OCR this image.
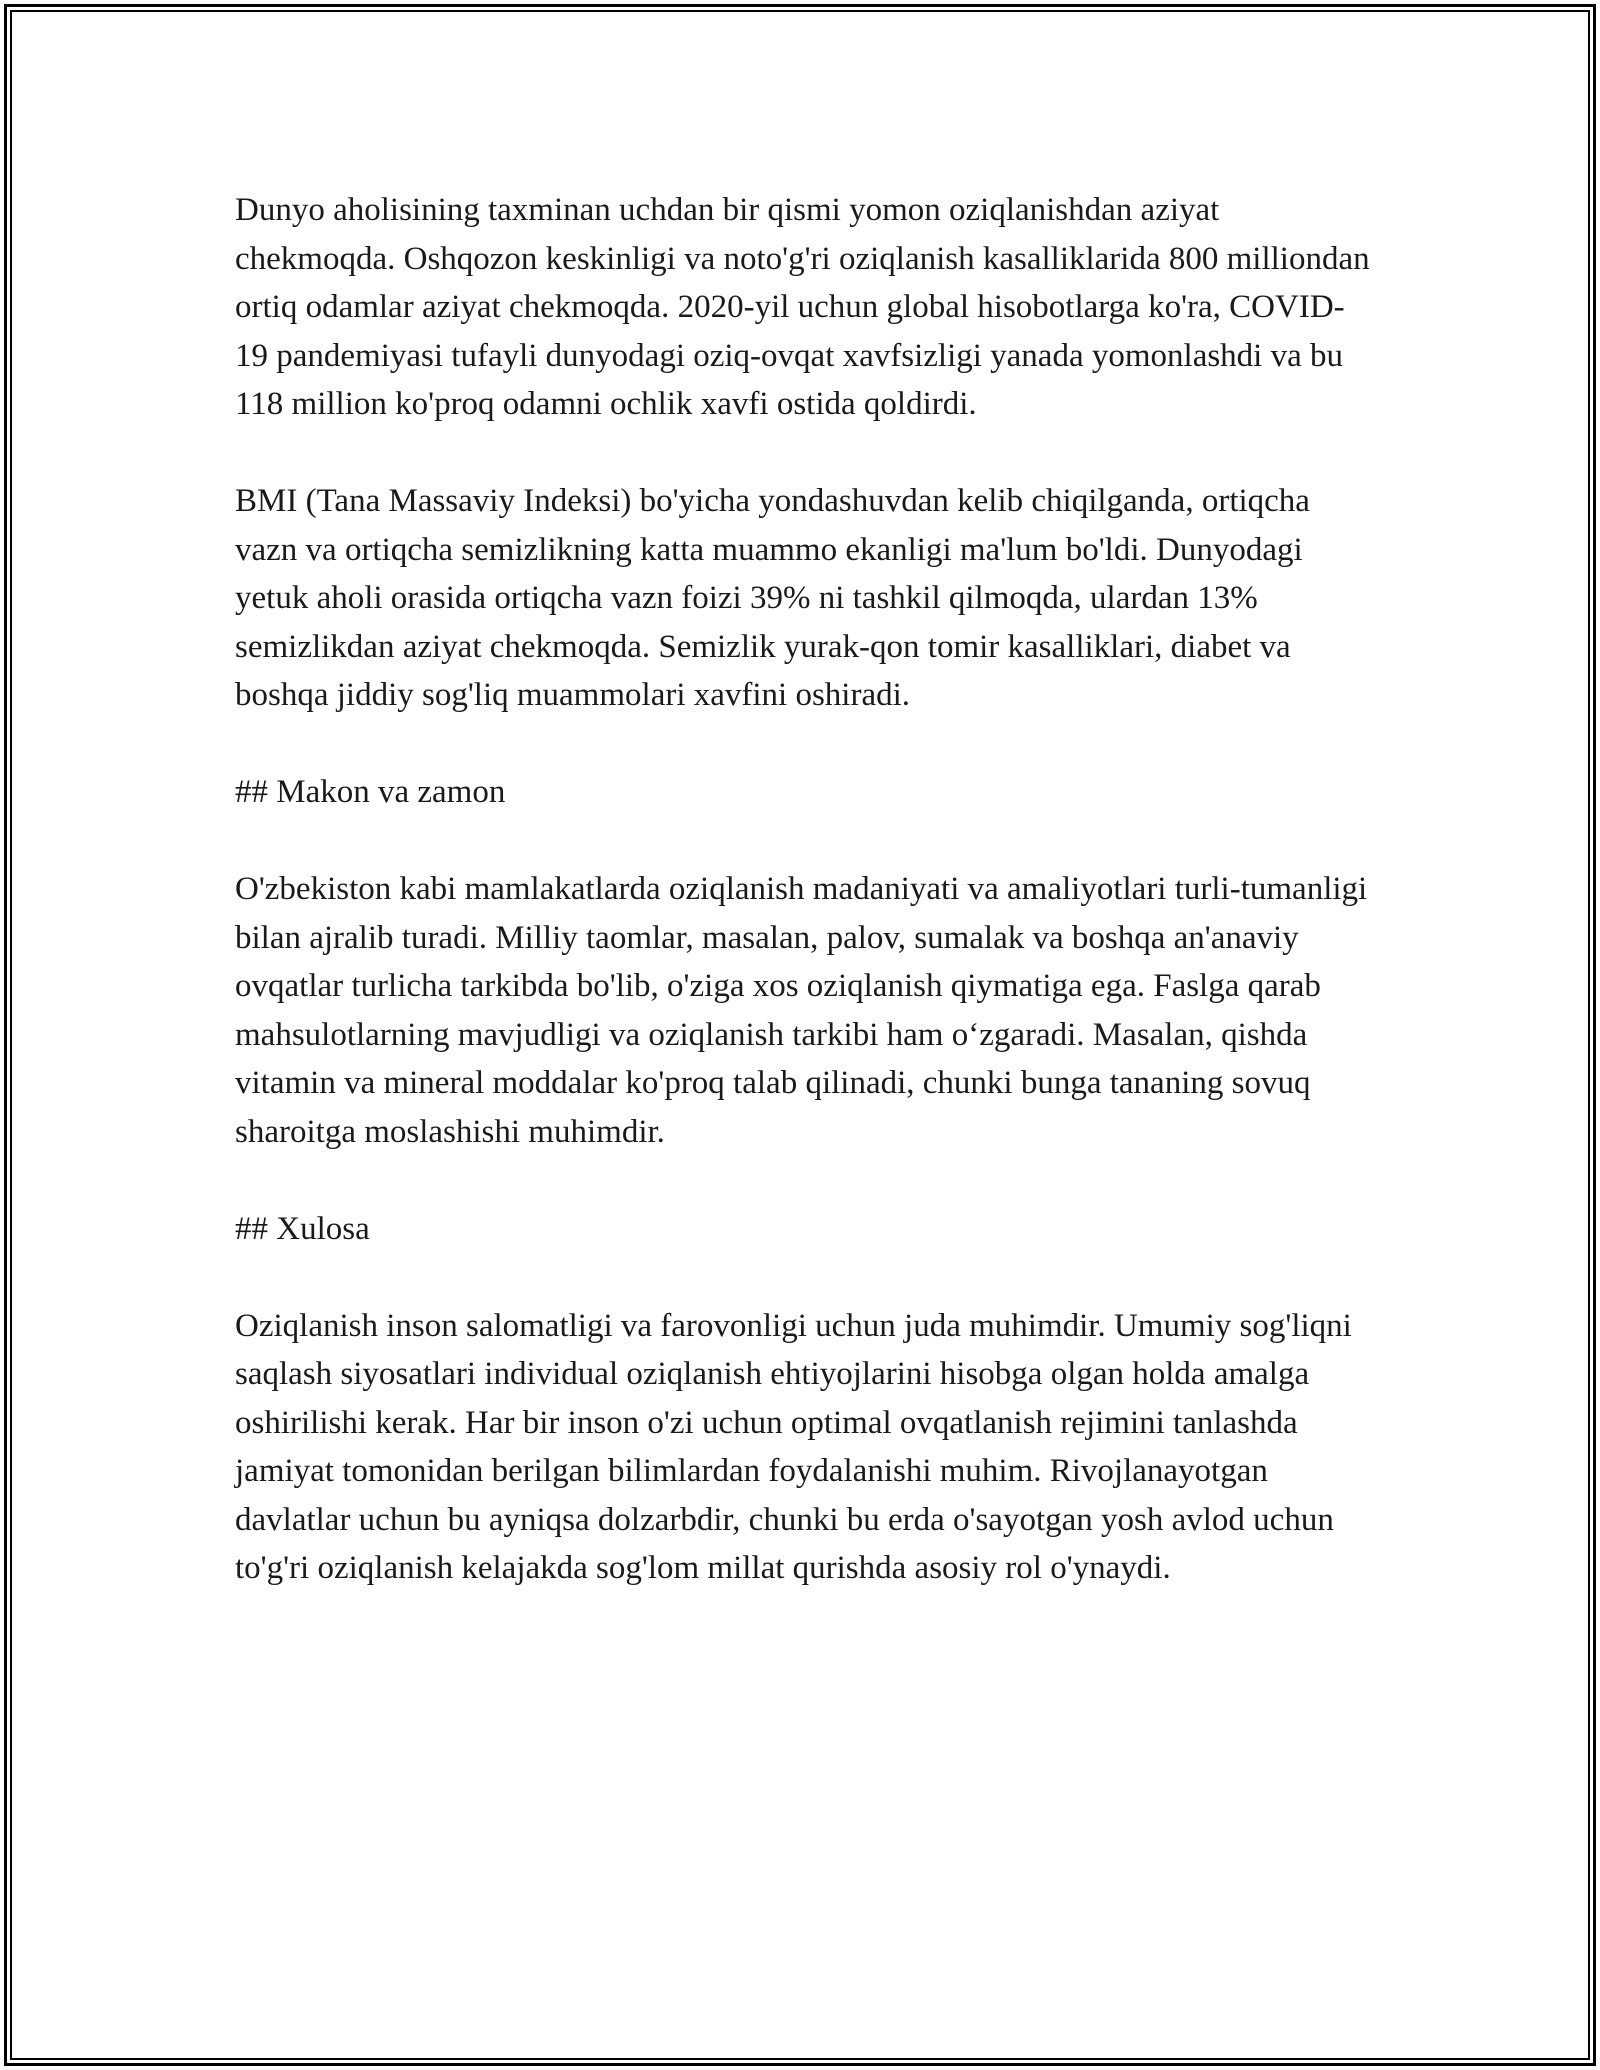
Dunyo aholisining taxminan uchdan bir qismi yomon oziqlanishdan aziyat chekmoqda. Oshqozon keskinligi va noto'g'ri oziqlanish kasalliklarida 800 milliondan ortiq odamlar aziyat chekmoqda. 2020-yil uchun global hisobotlarga ko'ra, COVID-19 pandemiyasi tufayli dunyodagi oziq-ovqat xavfsizligi yanada yomonlashdi va bu 118 million ko'proq odamni ochlik xavfi ostida qoldirdi.

BMI (Tana Massaviy Indeksi) bo'yicha yondashuvdan kelib chiqilganda, ortiqcha vazn va ortiqcha semizlikning katta muammo ekanligi ma'lum bo'ldi. Dunyodagi yetuk aholi orasida ortiqcha vazn foizi 39% ni tashkil qilmoqda, ulardan 13% semizlikdan aziyat chekmoqda. Semizlik yurak-qon tomir kasalliklari, diabet va boshqa jiddiy sog'liq muammolari xavfini oshiradi.

## Makon va zamon

O'zbekiston kabi mamlakatlarda oziqlanish madaniyati va amaliyotlari turli-tumanligi bilan ajralib turadi. Milliy taomlar, masalan, palov, sumalak va boshqa an'anaviy ovqatlar turlicha tarkibda bo'lib, o'ziga xos oziqlanish qiymatiga ega. Faslga qarab mahsulotlarning mavjudligi va oziqlanish tarkibi ham oʻzgaradi. Masalan, qishda vitamin va mineral moddalar ko'proq talab qilinadi, chunki bunga tananing sovuq sharoitga moslashishi muhimdir.

## Xulosa

Oziqlanish inson salomatligi va farovonligi uchun juda muhimdir. Umumiy sog'liqni saqlash siyosatlari individual oziqlanish ehtiyojlarini hisobga olgan holda amalga oshirilishi kerak. Har bir inson o'zi uchun optimal ovqatlanish rejimini tanlashda jamiyat tomonidan berilgan bilimlardan foydalanishi muhim. Rivojlanayotgan davlatlar uchun bu ayniqsa dolzarbdir, chunki bu erda o'sayotgan yosh avlod uchun to'g'ri oziqlanish kelajakda sog'lom millat qurishda asosiy rol o'ynaydi.
